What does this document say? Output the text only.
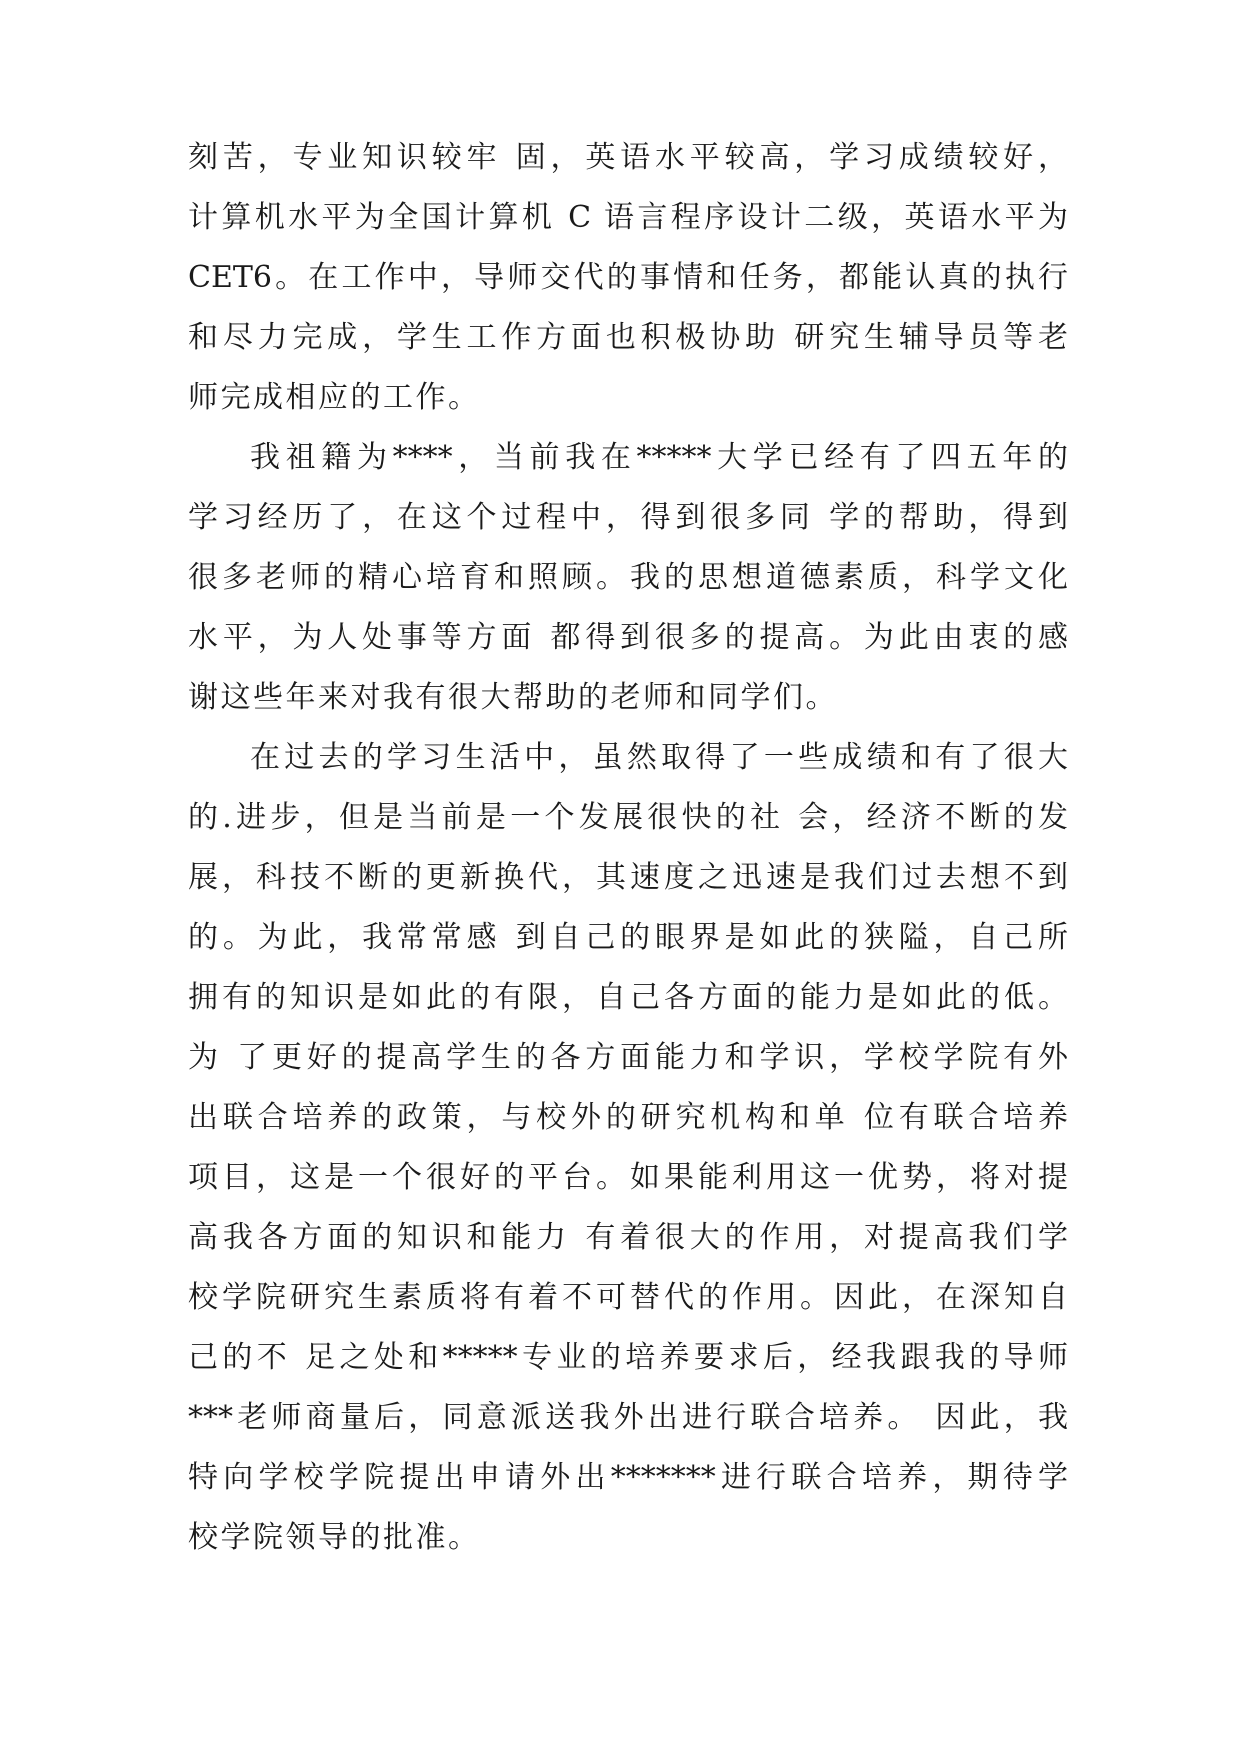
刻苦，专业知识较牢 固，英语水平较高，学习成绩较好，
计算机水平为全国计算机 C 语言程序设计二级，英语水平为
CET6。在工作中，导师交代的事情和任务，都能认真的执行
和尽力完成，学生工作方面也积极协助 研究生辅导员等老
师完成相应的工作。
我祖籍为****，当前我在*****大学已经有了四五年的
学习经历了，在这个过程中，得到很多同 学的帮助，得到
很多老师的精心培育和照顾。我的思想道德素质，科学文化
水平，为人处事等方面 都得到很多的提高。为此由衷的感
谢这些年来对我有很大帮助的老师和同学们。
在过去的学习生活中，虽然取得了一些成绩和有了很大
的.进步，但是当前是一个发展很快的社 会，经济不断的发
展，科技不断的更新换代，其速度之迅速是我们过去想不到
的。为此，我常常感 到自己的眼界是如此的狭隘，自己所
拥有的知识是如此的有限，自己各方面的能力是如此的低。
为 了更好的提高学生的各方面能力和学识，学校学院有外
出联合培养的政策，与校外的研究机构和单 位有联合培养
项目，这是一个很好的平台。如果能利用这一优势，将对提
高我各方面的知识和能力 有着很大的作用，对提高我们学
校学院研究生素质将有着不可替代的作用。因此，在深知自
己的不 足之处和*****专业的培养要求后，经我跟我的导师
***老师商量后，同意派送我外出进行联合培养。 因此，我
特向学校学院提出申请外出*******进行联合培养，期待学
校学院领导的批准。
